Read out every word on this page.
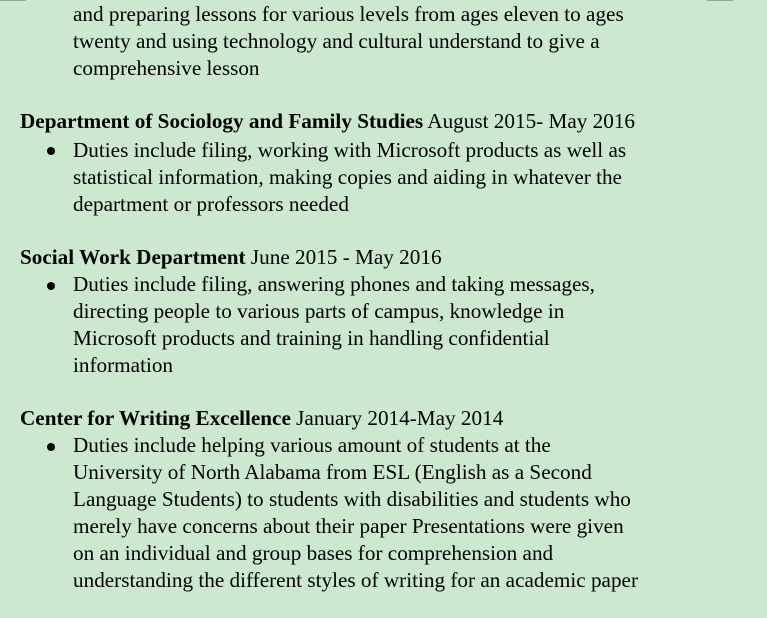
and preparing lessons for various levels from ages eleven to ages
twenty and using technology and cultural understand to give a
comprehensive lesson
Department of Sociology and Family Studies August 2015- May 2016
Duties include filing, working with Microsoft products as well as
statistical information, making copies and aiding in whatever the
department or professors needed
Social Work Department June 2015 - May 2016
Duties include filing, answering phones and taking messages,
directing people to various parts of campus, knowledge in
Microsoft products and training in handling confidential
information
Center for Writing Excellence January 2014-May 2014
Duties include helping various amount of students at the
University of North Alabama from ESL (English as a Second
Language Students) to students with disabilities and students who
merely have concerns about their paper Presentations were given
on an individual and group bases for comprehension and
understanding the different styles of writing for an academic paper
